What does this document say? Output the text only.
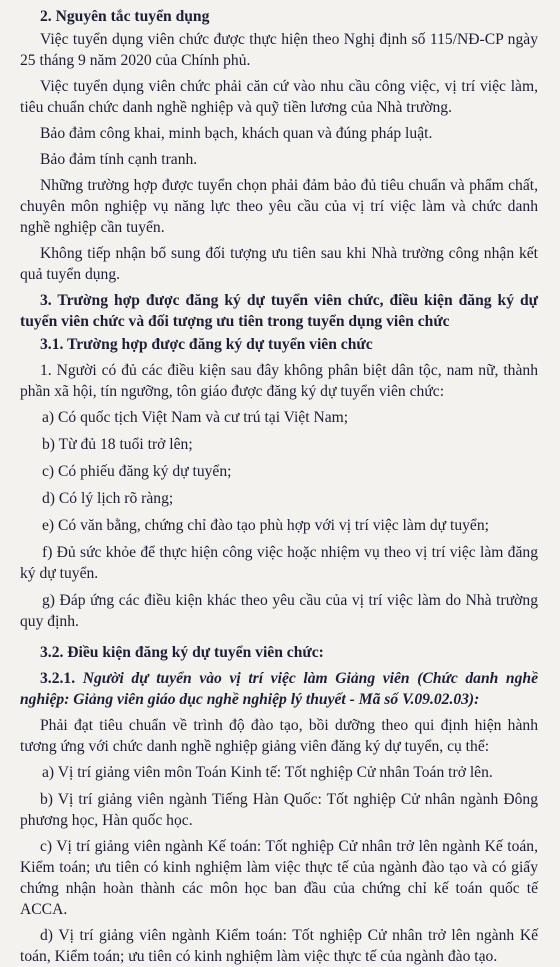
2. Nguyên tắc tuyển dụng

Việc tuyển dụng viên chức được thực hiện theo Nghị định số 115/NĐ-CP ngày 25 tháng 9 năm 2020 của Chính phủ.

Việc tuyển dụng viên chức phải căn cứ vào nhu cầu công việc, vị trí việc làm, tiêu chuẩn chức danh nghề nghiệp và quỹ tiền lương của Nhà trường.

Bảo đảm công khai, minh bạch, khách quan và đúng pháp luật.

Bảo đảm tính cạnh tranh.

Những trường hợp được tuyển chọn phải đảm bảo đủ tiêu chuẩn và phẩm chất, chuyên môn nghiệp vụ năng lực theo yêu cầu của vị trí việc làm và chức danh nghề nghiệp cần tuyển.

Không tiếp nhận bổ sung đối tượng ưu tiên sau khi Nhà trường công nhận kết quả tuyển dụng.

3. Trường hợp được đăng ký dự tuyển viên chức, điều kiện đăng ký dự tuyển viên chức và đối tượng ưu tiên trong tuyển dụng viên chức

3.1. Trường hợp được đăng ký dự tuyển viên chức

1. Người có đủ các điều kiện sau đây không phân biệt dân tộc, nam nữ, thành phần xã hội, tín ngưỡng, tôn giáo được đăng ký dự tuyển viên chức:

a) Có quốc tịch Việt Nam và cư trú tại Việt Nam;

b) Từ đủ 18 tuổi trở lên;

c) Có phiếu đăng ký dự tuyển;

d) Có lý lịch rõ ràng;

e) Có văn bằng, chứng chỉ đào tạo phù hợp với vị trí việc làm dự tuyển;

f) Đủ sức khỏe để thực hiện công việc hoặc nhiệm vụ theo vị trí việc làm đăng ký dự tuyển.

g) Đáp ứng các điều kiện khác theo yêu cầu của vị trí việc làm do Nhà trường quy định.

3.2. Điều kiện đăng ký dự tuyển viên chức:

3.2.1. Người dự tuyển vào vị trí việc làm Giảng viên (Chức danh nghề nghiệp: Giảng viên giáo dục nghề nghiệp lý thuyết - Mã số V.09.02.03):

Phải đạt tiêu chuẩn về trình độ đào tạo, bồi dưỡng theo qui định hiện hành tương ứng với chức danh nghề nghiệp giảng viên đăng ký dự tuyển, cụ thể:

a) Vị trí giảng viên môn Toán Kinh tế: Tốt nghiệp Cử nhân Toán trở lên.

b) Vị trí giảng viên ngành Tiếng Hàn Quốc: Tốt nghiệp Cử nhân ngành Đông phương học, Hàn quốc học.

c) Vị trí giảng viên ngành Kế toán: Tốt nghiệp Cử nhân trở lên ngành Kế toán, Kiểm toán; ưu tiên có kinh nghiệm làm việc thực tế của ngành đào tạo và có giấy chứng nhận hoàn thành các môn học ban đầu của chứng chỉ kế toán quốc tế ACCA.

d) Vị trí giảng viên ngành Kiểm toán: Tốt nghiệp Cử nhân trở lên ngành Kế toán, Kiểm toán; ưu tiên có kinh nghiệm làm việc thực tế của ngành đào tạo.
